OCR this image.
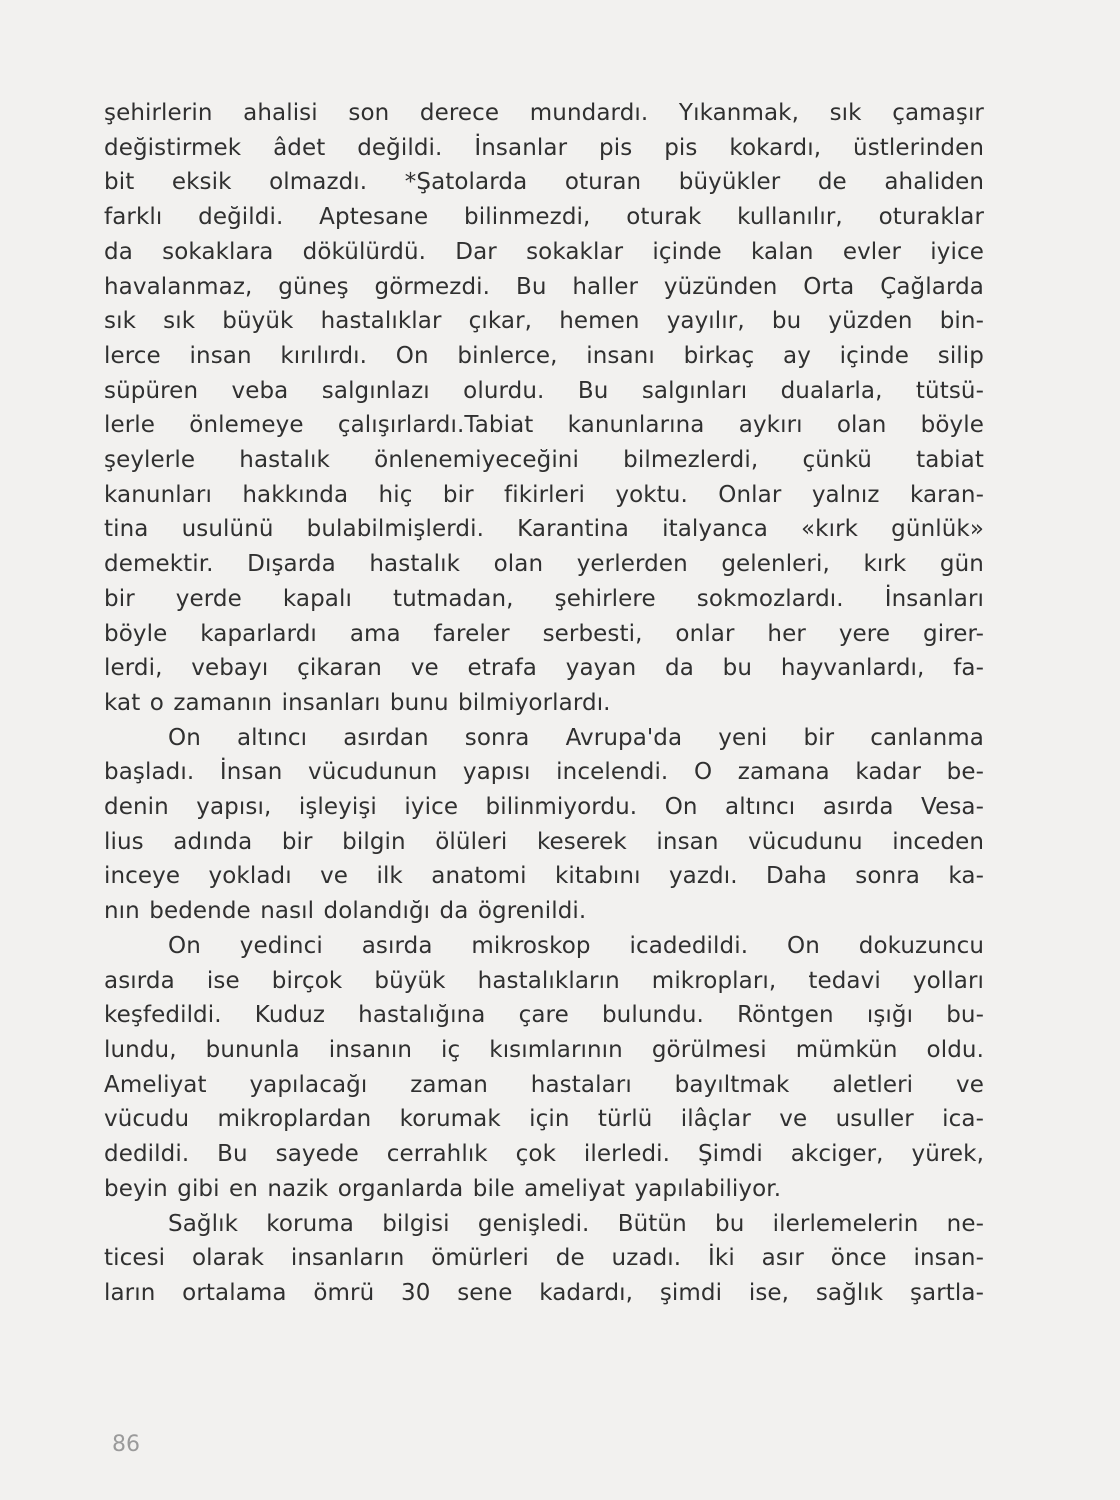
şehirlerin ahalisi son derece mundardı. Yıkanmak, sık çamaşır
değistirmek âdet değildi. İnsanlar pis pis kokardı, üstlerinden
bit eksik olmazdı. *Şatolarda oturan büyükler de ahaliden
farklı değildi. Aptesane bilinmezdi, oturak kullanılır, oturaklar
da sokaklara dökülürdü. Dar sokaklar içinde kalan evler iyice
havalanmaz, güneş görmezdi. Bu haller yüzünden Orta Çağlarda
sık sık büyük hastalıklar çıkar, hemen yayılır, bu yüzden bin-
lerce insan kırılırdı. On binlerce, insanı birkaç ay içinde silip
süpüren veba salgınlazı olurdu. Bu salgınları dualarla, tütsü-
lerle önlemeye çalışırlardı.Tabiat kanunlarına aykırı olan böyle
şeylerle hastalık önlenemiyeceğini bilmezlerdi, çünkü tabiat
kanunları hakkında hiç bir fikirleri yoktu. Onlar yalnız karan-
tina usulünü bulabilmişlerdi. Karantina italyanca «kırk günlük»
demektir. Dışarda hastalık olan yerlerden gelenleri, kırk gün
bir yerde kapalı tutmadan, şehirlere sokmozlardı. İnsanları
böyle kaparlardı ama fareler serbesti, onlar her yere girer-
lerdi, vebayı çikaran ve etrafa yayan da bu hayvanlardı, fa-
kat o zamanın insanları bunu bilmiyorlardı.
On altıncı asırdan sonra Avrupa'da yeni bir canlanma
başladı. İnsan vücudunun yapısı incelendi. O zamana kadar be-
denin yapısı, işleyişi iyice bilinmiyordu. On altıncı asırda Vesa-
lius adında bir bilgin ölüleri keserek insan vücudunu inceden
inceye yokladı ve ilk anatomi kitabını yazdı. Daha sonra ka-
nın bedende nasıl dolandığı da ögrenildi.
On yedinci asırda mikroskop icadedildi. On dokuzuncu
asırda ise birçok büyük hastalıkların mikropları, tedavi yolları
keşfedildi. Kuduz hastalığına çare bulundu. Röntgen ışığı bu-
lundu, bununla insanın iç kısımlarının görülmesi mümkün oldu.
Ameliyat yapılacağı zaman hastaları bayıltmak aletleri ve
vücudu mikroplardan korumak için türlü ilâçlar ve usuller ica-
dedildi. Bu sayede cerrahlık çok ilerledi. Şimdi akciger, yürek,
beyin gibi en nazik organlarda bile ameliyat yapılabiliyor.
Sağlık koruma bilgisi genişledi. Bütün bu ilerlemelerin ne-
ticesi olarak insanların ömürleri de uzadı. İki asır önce insan-
ların ortalama ömrü 30 sene kadardı, şimdi ise, sağlık şartla-
86
